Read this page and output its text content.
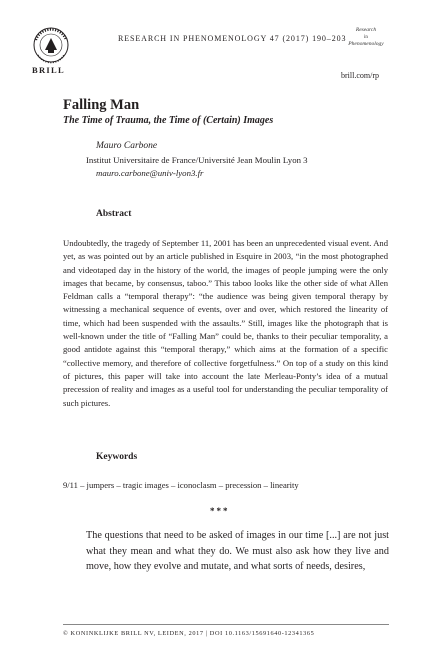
BRILL
RESEARCH IN PHENOMENOLOGY 47 (2017) 190–203
Research
in
Phenomenology
brill.com/rp
Falling Man
The Time of Trauma, the Time of (Certain) Images
Mauro Carbone
Institut Universitaire de France/Université Jean Moulin Lyon 3
mauro.carbone@univ-lyon3.fr
Abstract
Undoubtedly, the tragedy of September 11, 2001 has been an unprecedented visual event. And yet, as was pointed out by an article published in Esquire in 2003, “in the most photographed and videotaped day in the history of the world, the images of people jumping were the only images that became, by consensus, taboo.” This taboo looks like the other side of what Allen Feldman calls a “temporal therapy”: “the audience was being given temporal therapy by witnessing a mechanical sequence of events, over and over, which restored the linearity of time, which had been suspended with the assaults.” Still, images like the photograph that is well-known under the title of “Falling Man” could be, thanks to their peculiar temporality, a good antidote against this “temporal therapy,” which aims at the formation of a specific “collective memory, and therefore of collective forgetfulness.” On top of a study on this kind of pictures, this paper will take into account the late Merleau-Ponty’s idea of a mutual precession of reality and images as a useful tool for understanding the peculiar temporality of such pictures.
Keywords
9/11 – jumpers – tragic images – iconoclasm – precession – linearity
***
The questions that need to be asked of images in our time [...] are not just what they mean and what they do. We must also ask how they live and move, how they evolve and mutate, and what sorts of needs, desires,
© KONINKLIJKE BRILL NV, LEIDEN, 2017 | DOI 10.1163/15691640-12341365
